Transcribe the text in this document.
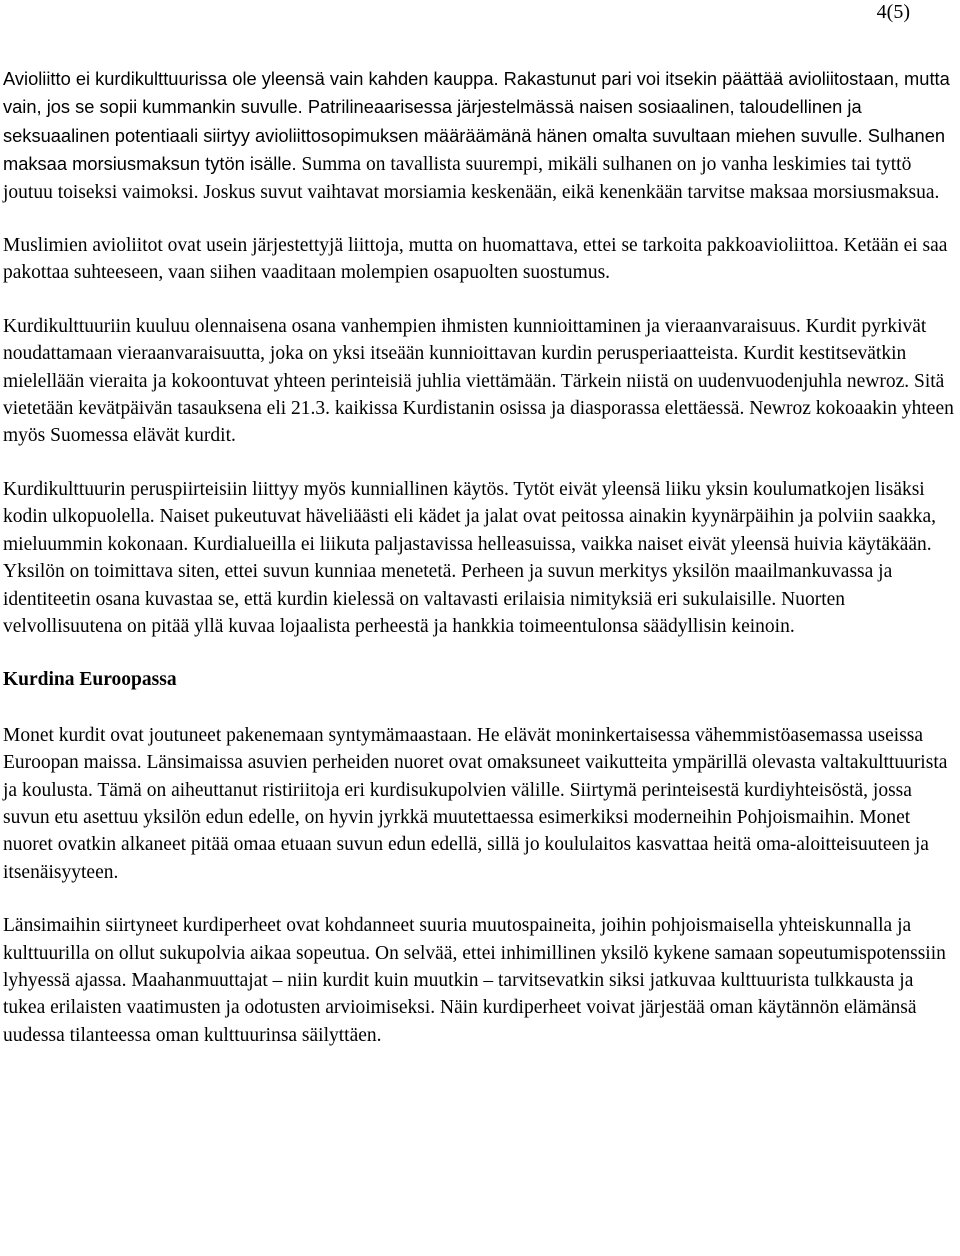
4(5)

Avioliitto ei kurdikulttuurissa ole yleensä vain kahden kauppa. Rakastunut pari voi itsekin päättää avioliitostaan, mutta vain, jos se sopii kummankin suvulle. Patrilineaarisessa järjestelmässä naisen sosiaalinen, taloudellinen ja seksuaalinen potentiaali siirtyy avioliittosopimuksen määräämänä hänen omalta suvultaan miehen suvulle. Sulhanen maksaa morsiusmaksun tytön isälle. Summa on tavallista suurempi, mikäli sulhanen on jo vanha leskimies tai tyttö joutuu toiseksi vaimoksi. Joskus suvut vaihtavat morsiamia keskenään, eikä kenenkään tarvitse maksaa morsiusmaksua.

Muslimien avioliitot ovat usein järjestettyjä liittoja, mutta on huomattava, ettei se tarkoita pakkoavioliittoa. Ketään ei saa pakottaa suhteeseen, vaan siihen vaaditaan molempien osapuolten suostumus.

Kurdikulttuuriin kuuluu olennaisena osana vanhempien ihmisten kunnioittaminen ja vieraanvaraisuus. Kurdit pyrkivät noudattamaan vieraanvaraisuutta, joka on yksi itseään kunnioittavan kurdin perusperiaatteista. Kurdit kestitsevätkin mielellään vieraita ja kokoontuvat yhteen perinteisiä juhlia viettämään. Tärkein niistä on uudenvuodenjuhla newroz. Sitä vietetään kevätpäivän tasauksena eli 21.3. kaikissa Kurdistanin osissa ja diasporassa elettäessä. Newroz kokoaakin yhteen myös Suomessa elävät kurdit.

Kurdikulttuurin peruspiirteisiin liittyy myös kunniallinen käytös. Tytöt eivät yleensä liiku yksin koulumatkojen lisäksi kodin ulkopuolella. Naiset pukeutuvat häveliäästi eli kädet ja jalat ovat peitossa ainakin kyynärpäihin ja polviin saakka, mieluummin kokonaan. Kurdialueilla ei liikuta paljastavissa helleasuissa, vaikka naiset eivät yleensä huivia käytäkään. Yksilön on toimittava siten, ettei suvun kunniaa menetetä. Perheen ja suvun merkitys yksilön maailmankuvassa ja identiteetin osana kuvastaa se, että kurdin kielessä on valtavasti erilaisia nimityksiä eri sukulaisille. Nuorten velvollisuutena on pitää yllä kuvaa lojaalista perheestä ja hankkia toimeentulonsa säädyllisin keinoin.

Kurdina Euroopassa

Monet kurdit ovat joutuneet pakenemaan syntymämaastaan. He elävät moninkertaisessa vähemmistöasemassa useissa Euroopan maissa. Länsimaissa asuvien perheiden nuoret ovat omaksuneet vaikutteita ympärillä olevasta valtakulttuurista ja koulusta. Tämä on aiheuttanut ristiriitoja eri kurdisukupolvien välille. Siirtymä perinteisestä kurdiyhteisöstä, jossa suvun etu asettuu yksilön edun edelle, on hyvin jyrkkä muutettaessa esimerkiksi moderneihin Pohjoismaihin. Monet nuoret ovatkin alkaneet pitää omaa etuaan suvun edun edellä, sillä jo koululaitos kasvattaa heitä oma-aloitteisuuteen ja itsenäisyyteen.

Länsimaihin siirtyneet kurdiperheet ovat kohdanneet suuria muutospaineita, joihin pohjoismaisella yhteiskunnalla ja kulttuurilla on ollut sukupolvia aikaa sopeutua. On selvää, ettei inhimillinen yksilö kykene samaan sopeutumispotenssiin lyhyessä ajassa. Maahanmuuttajat – niin kurdit kuin muutkin – tarvitsevatkin siksi jatkuvaa kulttuurista tulkkausta ja tukea erilaisten vaatimusten ja odotusten arvioimiseksi. Näin kurdiperheet voivat järjestää oman käytännön elämänsä uudessa tilanteessa oman kulttuurinsa säilyttäen.
